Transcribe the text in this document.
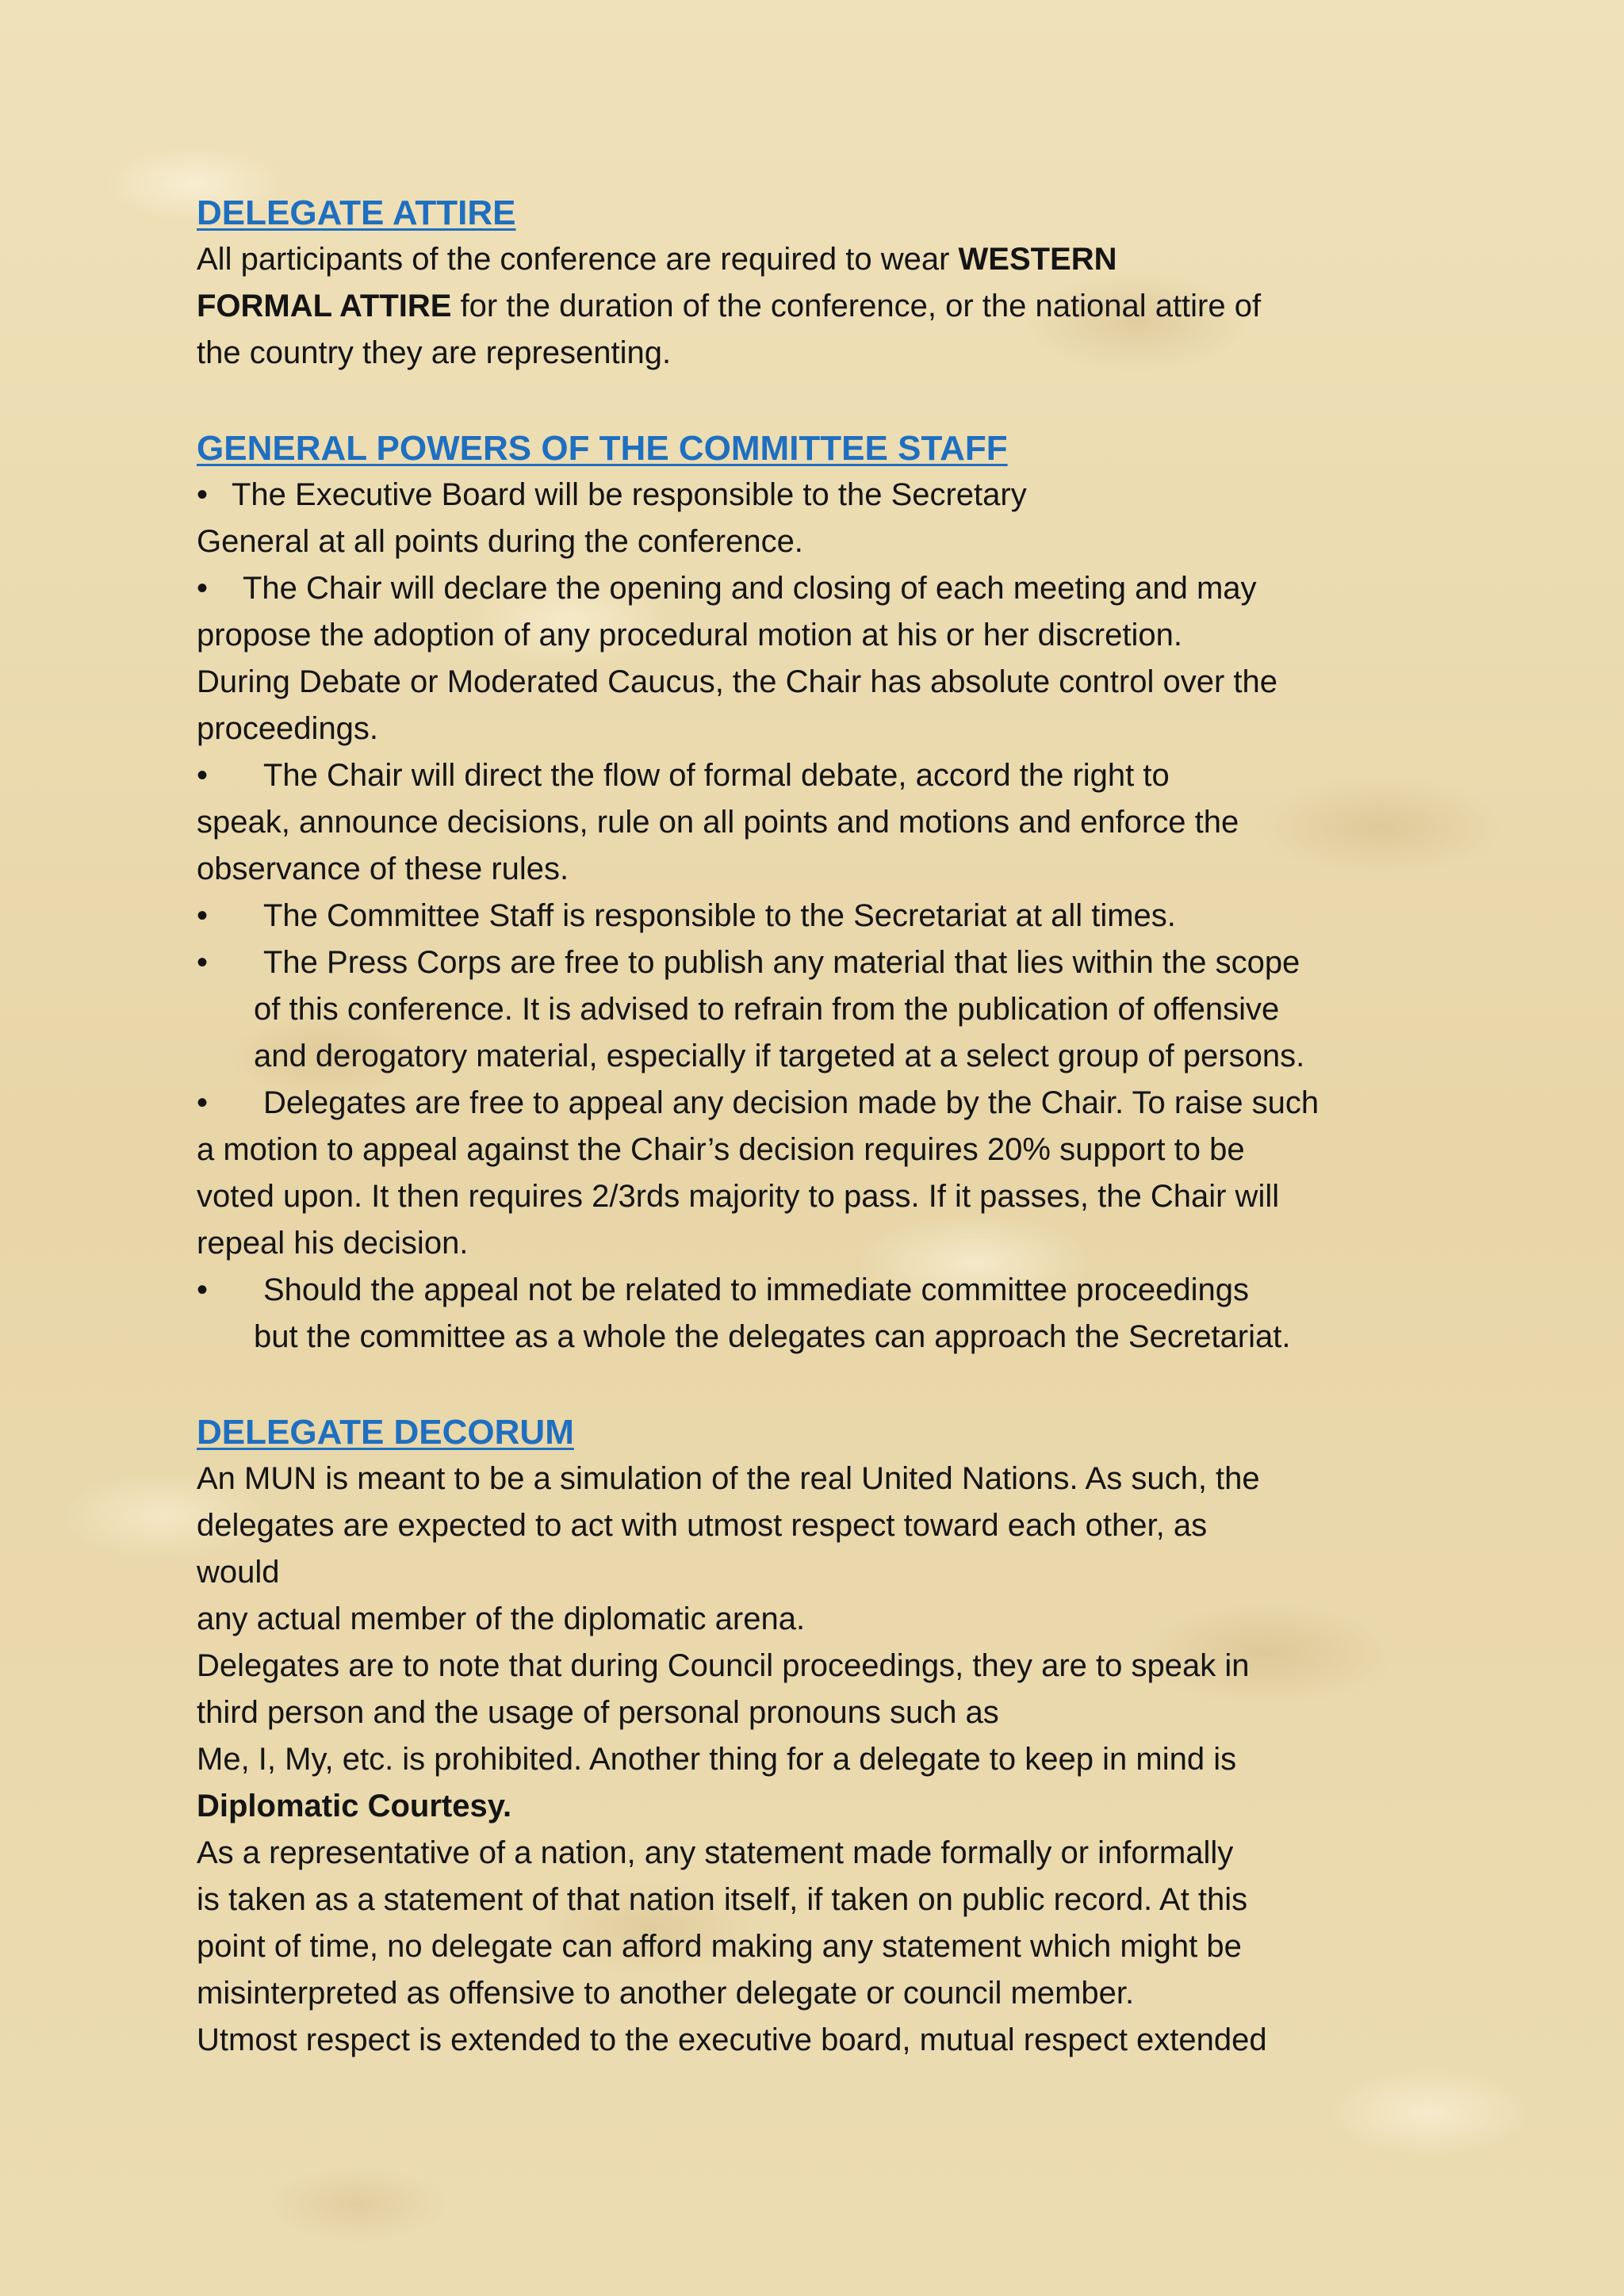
DELEGATE ATTIRE

All participants of the conference are required to wear WESTERN

FORMAL ATTIRE for the duration of the conference, or the national attire of

the country they are representing.

GENERAL POWERS OF THE COMMITTEE STAFF
• The Executive Board will be responsible to the Secretary

General at all points during the conference.

•	The Chair will declare the opening and closing of each meeting and may

propose the adoption of any procedural motion at his or her discretion.

During Debate or Moderated Caucus, the Chair has absolute control over the

proceedings.

•	The Chair will direct the flow of formal debate, accord the right to

speak, announce decisions, rule on all points and motions and enforce the

observance of these rules.

•	The Committee Staff is responsible to the Secretariat at all times.
•	The Press Corps are free to publish any material that lies within the scope

of this conference. It is advised to refrain from the publication of offensive

and derogatory material, especially if targeted at a select group of persons.

•	Delegates are free to appeal any decision made by the Chair. To raise such

a motion to appeal against the Chair’s decision requires 20% support to be

voted upon. It then requires 2/3rds majority to pass. If it passes, the Chair will

repeal his decision.

•	Should the appeal not be related to immediate committee proceedings

but the committee as a whole the delegates can approach the Secretariat.

DELEGATE DECORUM

An MUN is meant to be a simulation of the real United Nations. As such, the

delegates are expected to act with utmost respect toward each other, as

would

any actual member of the diplomatic arena.

Delegates are to note that during Council proceedings, they are to speak in

third person and the usage of personal pronouns such as

Me, I, My, etc. is prohibited. Another thing for a delegate to keep in mind is

Diplomatic Courtesy.

As a representative of a nation, any statement made formally or informally

is taken as a statement of that nation itself, if taken on public record. At this

point of time, no delegate can afford making any statement which might be

misinterpreted as offensive to another delegate or council member.

Utmost respect is extended to the executive board, mutual respect extended
